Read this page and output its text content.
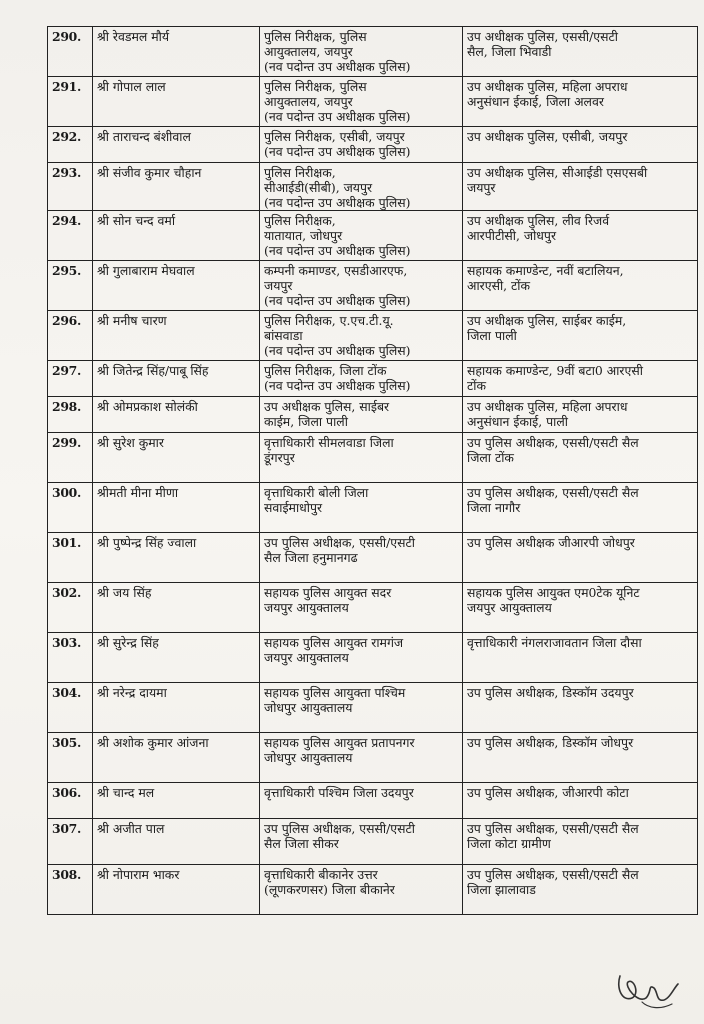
290.	श्री रेवडमल मौर्य	पुलिस निरीक्षक, पुलिस
आयुक्तालय, जयपुर
(नव पदोन्त उप अधीक्षक पुलिस)	उप अधीक्षक पुलिस, एससी/एसटी
सैल, जिला भिवाडी

291.	श्री गोपाल लाल	पुलिस निरीक्षक, पुलिस
आयुक्तालय, जयपुर
(नव पदोन्त उप अधीक्षक पुलिस)	उप अधीक्षक पुलिस, महिला अपराध
अनुसंधान ईकाई, जिला अलवर

292.	श्री ताराचन्द बंशीवाल	पुलिस निरीक्षक, एसीबी, जयपुर
(नव पदोन्त उप अधीक्षक पुलिस)	उप अधीक्षक पुलिस, एसीबी, जयपुर

293.	श्री संजीव कुमार चौहान	पुलिस निरीक्षक,
सीआईडी(सीबी), जयपुर
(नव पदोन्त उप अधीक्षक पुलिस)	उप अधीक्षक पुलिस, सीआईडी एसएसबी
जयपुर

294.	श्री सोन चन्द वर्मा	पुलिस निरीक्षक,
यातायात, जोधपुर
(नव पदोन्त उप अधीक्षक पुलिस)	उप अधीक्षक पुलिस, लीव रिजर्व
आरपीटीसी, जोधपुर

295.	श्री गुलाबाराम मेघवाल	कम्पनी कमाण्डर, एसडीआरएफ,
जयपुर
(नव पदोन्त उप अधीक्षक पुलिस)	सहायक कमाण्डेन्ट, नवीं बटालियन,
आरएसी, टोंक

296.	श्री मनीष चारण	पुलिस निरीक्षक, ए.एच.टी.यू.
बांसवाडा
(नव पदोन्त उप अधीक्षक पुलिस)	उप अधीक्षक पुलिस, साईबर काईम,
जिला पाली

297.	श्री जितेन्द्र सिंह/पाबू सिंह	पुलिस निरीक्षक, जिला टोंक
(नव पदोन्त उप अधीक्षक पुलिस)	सहायक कमाण्डेन्ट, 9वीं बटा0 आरएसी
टोंक

298.	श्री ओमप्रकाश सोलंकी	उप अधीक्षक पुलिस, साईबर
काईम, जिला पाली	उप अधीक्षक पुलिस, महिला अपराध
अनुसंधान ईकाई, पाली

299.	श्री सुरेश कुमार	वृत्ताधिकारी सीमलवाडा जिला
डूंगरपुर	उप पुलिस अधीक्षक, एससी/एसटी सैल
जिला टोंक

300.	श्रीमती मीना मीणा	वृत्ताधिकारी बोली जिला
सवाईमाधोपुर	उप पुलिस अधीक्षक, एससी/एसटी सैल
जिला नागौर

301.	श्री पुष्पेन्द्र सिंह ज्वाला	उप पुलिस अधीक्षक, एससी/एसटी
सैल जिला हनुमानगढ	उप पुलिस अधीक्षक जीआरपी जोधपुर

302.	श्री जय सिंह	सहायक पुलिस आयुक्त सदर
जयपुर आयुक्तालय	सहायक पुलिस आयुक्त एम0टेक यूनिट
जयपुर आयुक्तालय

303.	श्री सुरेन्द्र सिंह	सहायक पुलिस आयुक्त रामगंज
जयपुर आयुक्तालय	वृत्ताधिकारी नंगलराजावतान जिला दौसा

304.	श्री नरेन्द्र दायमा	सहायक पुलिस आयुक्ता पश्चिम
जोधपुर आयुक्तालय	उप पुलिस अधीक्षक, डिस्कॉम उदयपुर

305.	श्री अशोक कुमार आंजना	सहायक पुलिस आयुक्त प्रतापनगर
जोधपुर आयुक्तालय	उप पुलिस अधीक्षक, डिस्कॉम जोधपुर

306.	श्री चान्द मल	वृत्ताधिकारी पश्चिम जिला उदयपुर	उप पुलिस अधीक्षक, जीआरपी कोटा

307.	श्री अजीत पाल	उप पुलिस अधीक्षक, एससी/एसटी
सैल जिला सीकर	उप पुलिस अधीक्षक, एससी/एसटी सैल
जिला कोटा ग्रामीण

308.	श्री नोपाराम भाकर	वृत्ताधिकारी बीकानेर उत्तर
(लूणकरणसर) जिला बीकानेर	उप पुलिस अधीक्षक, एससी/एसटी सैल
जिला झालावाड
